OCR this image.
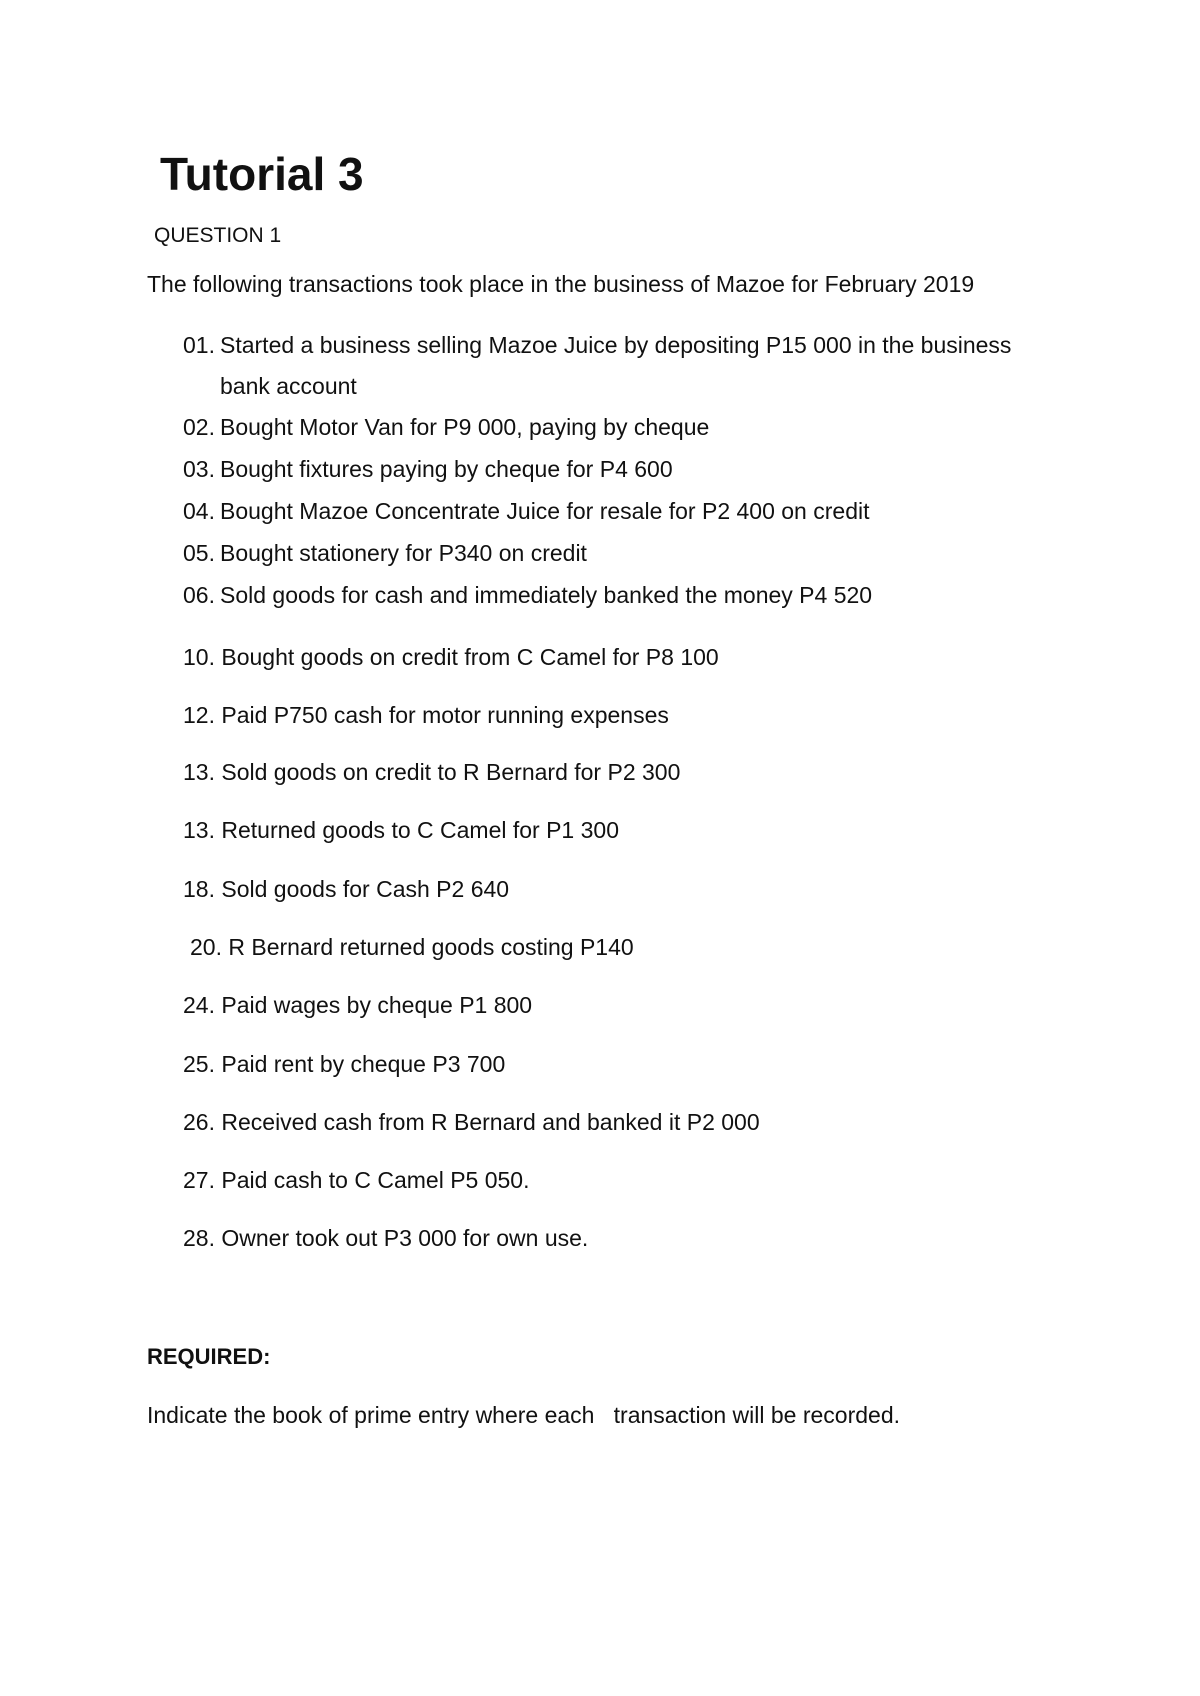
Tutorial 3

QUESTION 1

The following transactions took place in the business of Mazoe for February 2019

01. Started a business selling Mazoe Juice by depositing P15 000 in the business
bank account

02. Bought Motor Van for P9 000, paying by cheque

03. Bought fixtures paying by cheque for P4 600

04. Bought Mazoe Concentrate Juice for resale for P2 400 on credit

05. Bought stationery for P340 on credit

06. Sold goods for cash and immediately banked the money P4 520

10. Bought goods on credit from C Camel for P8 100

12. Paid P750 cash for motor running expenses

13. Sold goods on credit to R Bernard for P2 300

13. Returned goods to C Camel for P1 300

18. Sold goods for Cash P2 640

20. R Bernard returned goods costing P140

24. Paid wages by cheque P1 800

25. Paid rent by cheque P3 700

26. Received cash from R Bernard and banked it P2 000

27. Paid cash to C Camel P5 050.

28. Owner took out P3 000 for own use.

REQUIRED:

Indicate the book of prime entry where each   transaction will be recorded.
